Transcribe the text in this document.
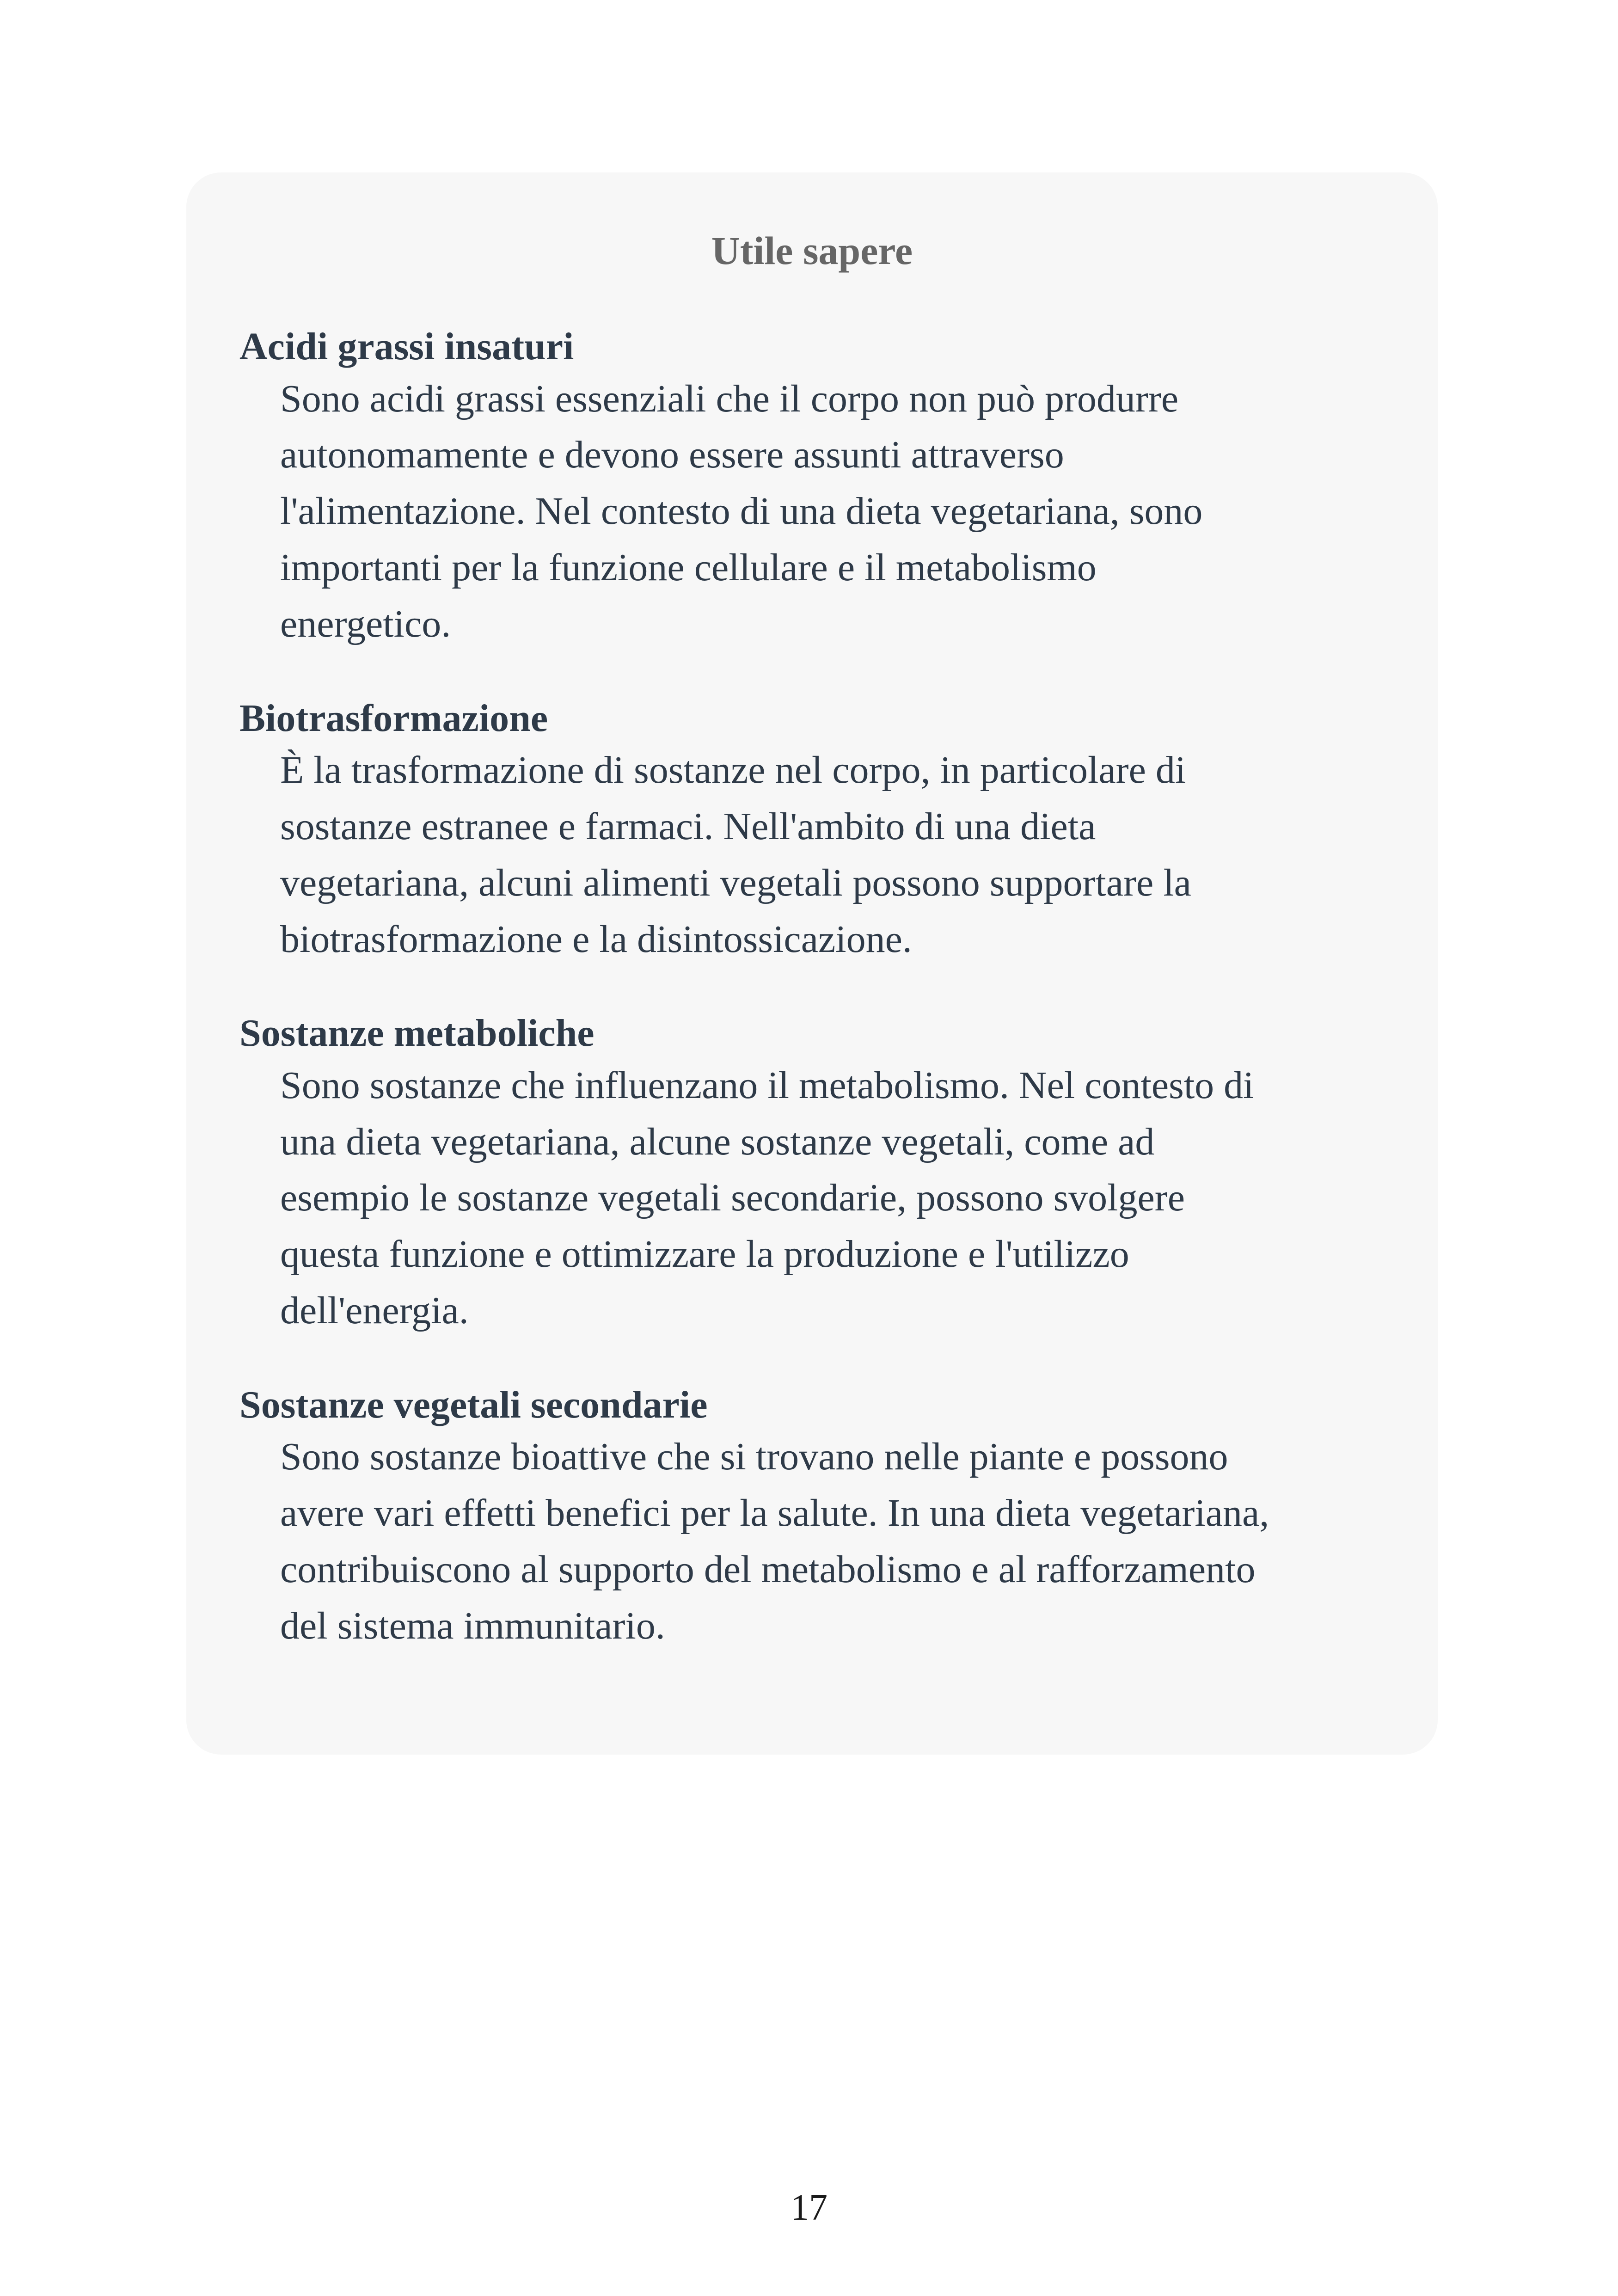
Utile sapere

Acidi grassi insaturi

Sono acidi grassi essenziali che il corpo non può produrre
autonomamente e devono essere assunti attraverso
l'alimentazione. Nel contesto di una dieta vegetariana, sono
importanti per la funzione cellulare e il metabolismo
energetico.

Biotrasformazione

È la trasformazione di sostanze nel corpo, in particolare di
sostanze estranee e farmaci. Nell'ambito di una dieta
vegetariana, alcuni alimenti vegetali possono supportare la
biotrasformazione e la disintossicazione.

Sostanze metaboliche

Sono sostanze che influenzano il metabolismo. Nel contesto di
una dieta vegetariana, alcune sostanze vegetali, come ad
esempio le sostanze vegetali secondarie, possono svolgere
questa funzione e ottimizzare la produzione e l'utilizzo
dell'energia.

Sostanze vegetali secondarie

Sono sostanze bioattive che si trovano nelle piante e possono
avere vari effetti benefici per la salute. In una dieta vegetariana,
contribuiscono al supporto del metabolismo e al rafforzamento
del sistema immunitario.

17
